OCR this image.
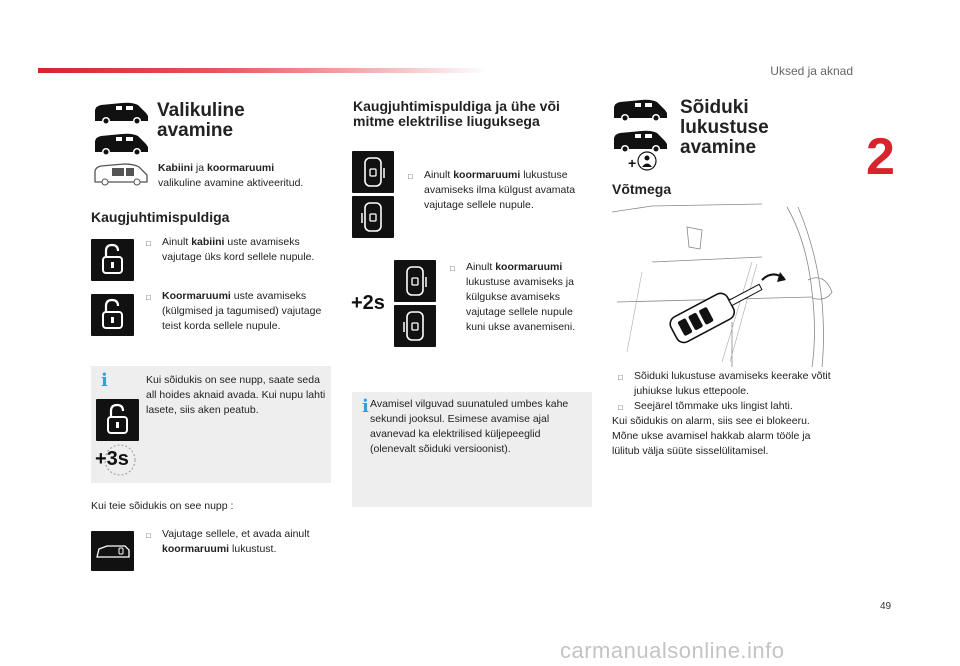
Uksed ja aknad
2
49
Valikuline avamine
Kabiini ja koormaruumi
valikuline avamine aktiveeritud.
Kaugjuhtimispuldiga
□ Ainult kabiini uste avamiseks vajutage üks kord sellele nupule.
□ Koormaruumi uste avamiseks (külgmised ja tagumised) vajutage teist korda sellele nupule.
i	Kui sõidukis on see nupp, saate seda all hoides aknaid avada. Kui nupu lahti lasete, siis aken peatub.
+3s
Kui teie sõidukis on see nupp :
□ Vajutage sellele, et avada ainult koormaruumi lukustust.
Kaugjuhtimispuldiga ja ühe või mitme elektrilise liuguksega
□ Ainult koormaruumi lukustuse avamiseks ilma külgust avamata vajutage sellele nupule.
+2s
□ Ainult koormaruumi lukustuse avamiseks ja külgukse avamiseks vajutage sellele nupule kuni ukse avanemiseni.
i Avamisel vilguvad suunatuled umbes kahe sekundi jooksul. Esimese avamise ajal avanevad ka elektrilised küljepeeglid (olenevalt sõiduki versioonist).
+
Sõiduki lukustuse avamine
Võtmega
□ Sõiduki lukustuse avamiseks keerake võtit juhiukse lukus ettepoole.
□ Seejärel tõmmake uks lingist lahti.
Kui sõidukis on alarm, siis see ei blokeeru. Mõne ukse avamisel hakkab alarm tööle ja lülitub välja süüte sisselülitamisel.
carmanualsonline.info
